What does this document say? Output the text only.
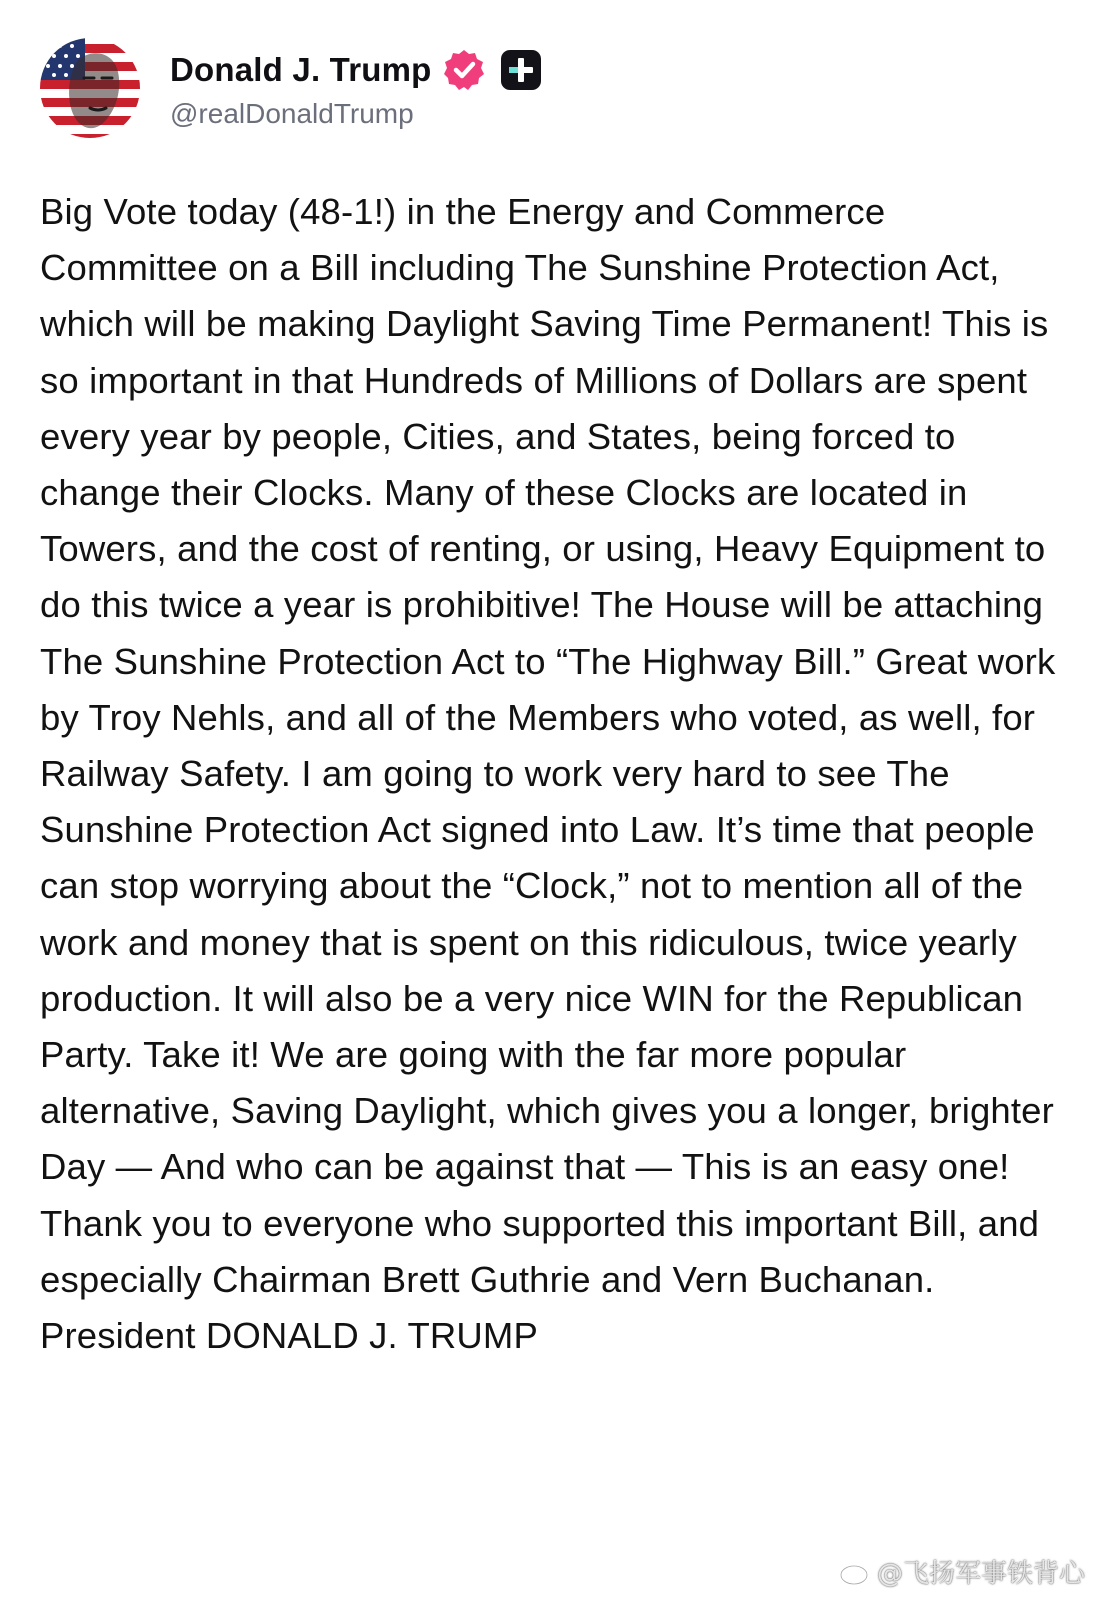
Donald J. Trump
@realDonaldTrump

Big Vote today (48-1!) in the Energy and Commerce Committee on a Bill including The Sunshine Protection Act, which will be making Daylight Saving Time Permanent! This is so important in that Hundreds of Millions of Dollars are spent every year by people, Cities, and States, being forced to change their Clocks. Many of these Clocks are located in Towers, and the cost of renting, or using, Heavy Equipment to do this twice a year is prohibitive! The House will be attaching The Sunshine Protection Act to “The Highway Bill.” Great work by Troy Nehls, and all of the Members who voted, as well, for Railway Safety. I am going to work very hard to see The Sunshine Protection Act signed into Law. It’s time that people can stop worrying about the “Clock,” not to mention all of the work and money that is spent on this ridiculous, twice yearly production. It will also be a very nice WIN for the Republican Party. Take it! We are going with the far more popular alternative, Saving Daylight, which gives you a longer, brighter Day — And who can be against that — This is an easy one! Thank you to everyone who supported this important Bill, and especially Chairman Brett Guthrie and Vern Buchanan. President DONALD J. TRUMP

@飞扬军事铁背心
